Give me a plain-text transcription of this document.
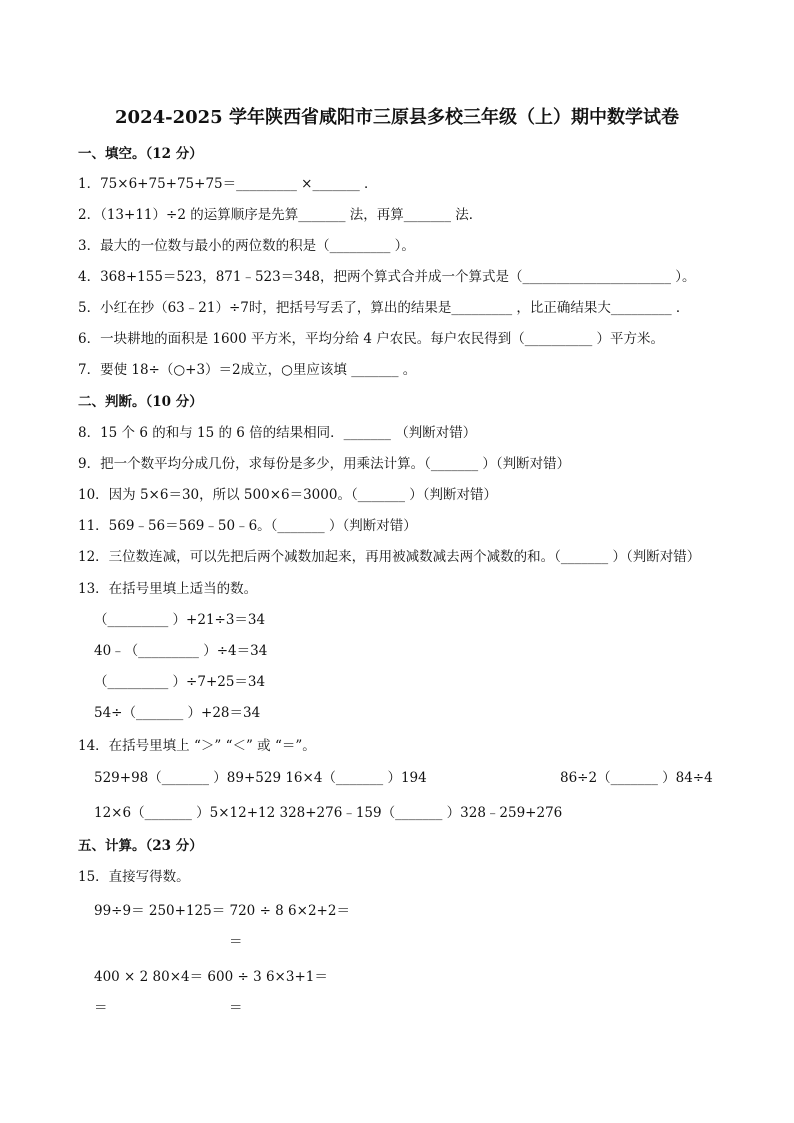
2024-2025 学年陕西省咸阳市三原县多校三年级（上）期中数学试卷
一、填空。（12 分）
1．75×6+75+75+75＝_________ ×_______ ．
2．（13+11）÷2 的运算顺序是先算_______ 法，再算_______ 法．
3．最大的一位数与最小的两位数的积是（_________ ）。
4．368+155＝523，871﹣523＝348，把两个算式合并成一个算式是（______________________ ）。
5．小红在抄（63﹣21）÷7时，把括号写丢了，算出的结果是_________ ，比正确结果大_________ ．
6．一块耕地的面积是 1600 平方米，平均分给 4 户农民。每户农民得到（__________ ）平方米。
7．要使 18÷（○+3）＝2成立，○里应该填 _______ 。
二、判断。（10 分）
8．15 个 6 的和与 15 的 6 倍的结果相同．_______ （判断对错）
9．把一个数平均分成几份，求每份是多少，用乘法计算。（_______ ）（判断对错）
10．因为 5×6＝30，所以 500×6＝3000。（_______ ）（判断对错）
11．569﹣56＝569﹣50﹣6。（_______ ）（判断对错）
12．三位数连减，可以先把后两个减数加起来，再用被减数减去两个减数的和。（_______ ）（判断对错）
13．在括号里填上适当的数。
（_________ ）+21÷3＝34
40﹣（_________ ）÷4＝34
（_________ ）÷7+25＝34
54÷（_______ ）+28＝34
14．在括号里填上 “＞” “＜” 或 “＝”。
529+98（_______ ）89+529 16×4（_______ ）194	86÷2（_______ ）84÷4
12×6（_______ ）5×12+12 328+276﹣159（_______ ）328﹣259+276
五、计算。（23 分）
15．直接写得数。
99÷9＝ 250+125＝ 720 ÷ 8 6×2+2＝
＝
400 × 2 80×4＝ 600 ÷ 3 6×3+1＝
＝	＝
